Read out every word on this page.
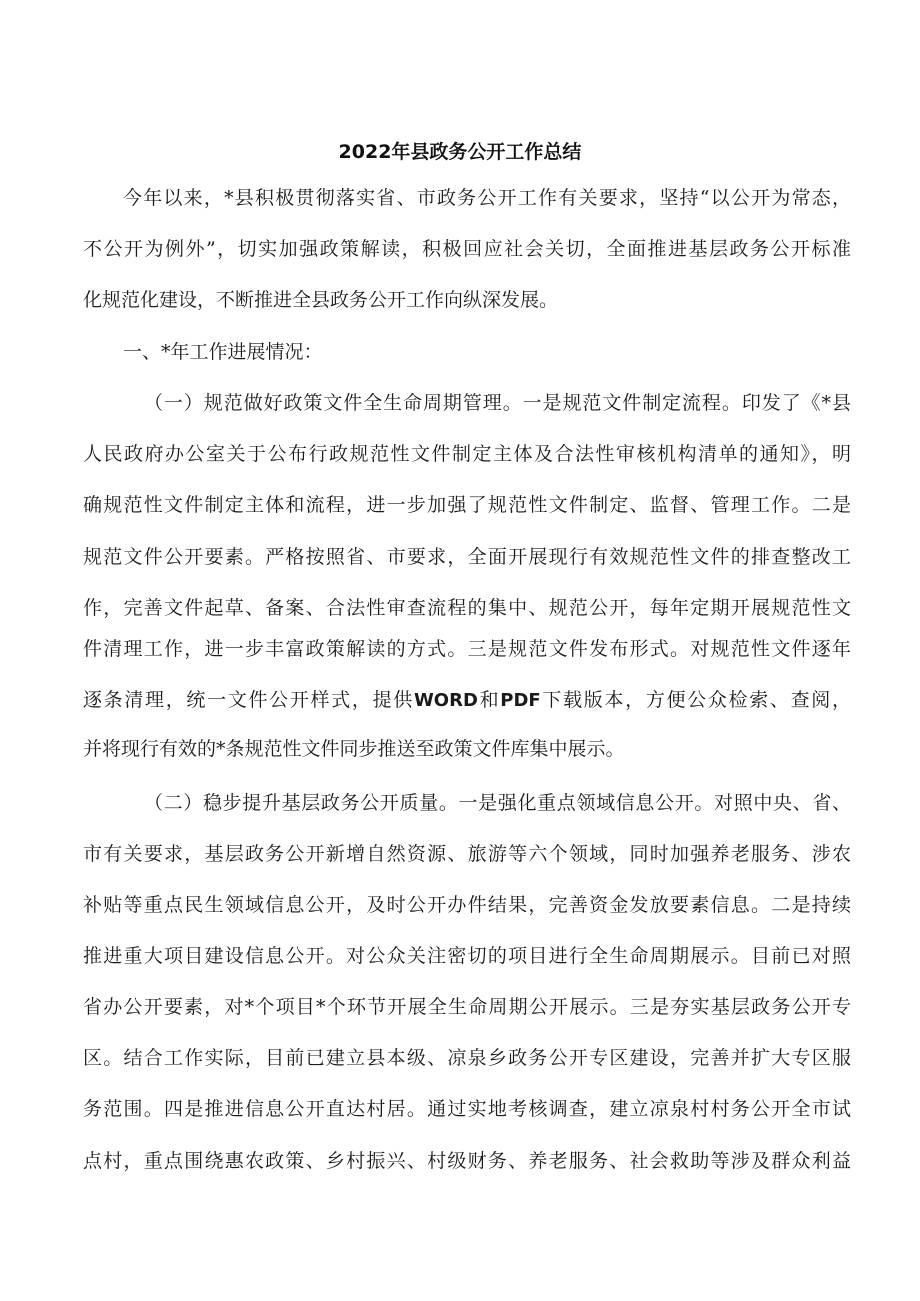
2022年县政务公开工作总结
今年以来，*县积极贯彻落实省、市政务公开工作有关要求，坚持“以公开为常态，
不公开为例外”，切实加强政策解读，积极回应社会关切，全面推进基层政务公开标准
化规范化建设，不断推进全县政务公开工作向纵深发展。
一、*年工作进展情况：
（一）规范做好政策文件全生命周期管理。一是规范文件制定流程。印发了《*县
人民政府办公室关于公布行政规范性文件制定主体及合法性审核机构清单的通知》，明
确规范性文件制定主体和流程，进一步加强了规范性文件制定、监督、管理工作。二是
规范文件公开要素。严格按照省、市要求，全面开展现行有效规范性文件的排查整改工
作，完善文件起草、备案、合法性审查流程的集中、规范公开，每年定期开展规范性文
件清理工作，进一步丰富政策解读的方式。三是规范文件发布形式。对规范性文件逐年
逐条清理，统一文件公开样式，提供WORD和PDF下载版本，方便公众检索、查阅，
并将现行有效的*条规范性文件同步推送至政策文件库集中展示。
（二）稳步提升基层政务公开质量。一是强化重点领域信息公开。对照中央、省、
市有关要求，基层政务公开新增自然资源、旅游等六个领域，同时加强养老服务、涉农
补贴等重点民生领域信息公开，及时公开办件结果，完善资金发放要素信息。二是持续
推进重大项目建设信息公开。对公众关注密切的项目进行全生命周期展示。目前已对照
省办公开要素，对*个项目*个环节开展全生命周期公开展示。三是夯实基层政务公开专
区。结合工作实际，目前已建立县本级、凉泉乡政务公开专区建设，完善并扩大专区服
务范围。四是推进信息公开直达村居。通过实地考核调查，建立凉泉村村务公开全市试
点村，重点围绕惠农政策、乡村振兴、村级财务、养老服务、社会救助等涉及群众利益
